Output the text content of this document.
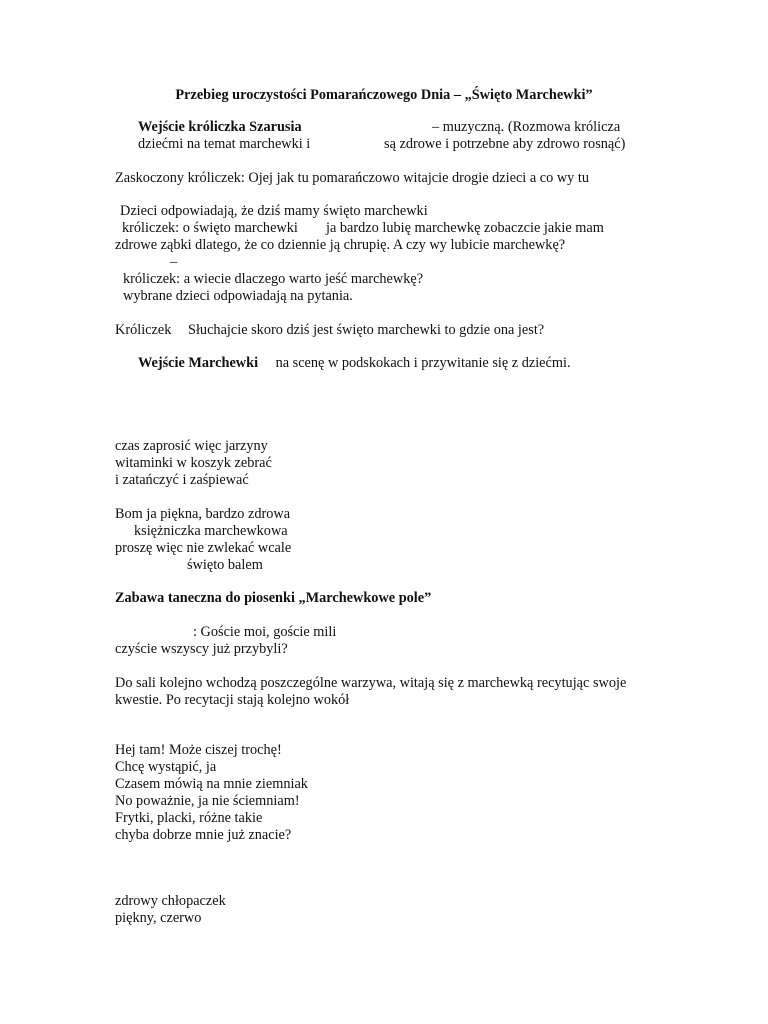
Przebieg uroczystości Pomarańczowego Dnia – „Święto Marchewki”
Wejście króliczka Szarusia	– muzyczną. (Rozmowa królicza
dziećmi na temat marchewki i	są zdrowe i potrzebne aby zdrowo rosnąć)
Zaskoczony króliczek: Ojej jak tu pomarańczowo witajcie drogie dzieci a co wy tu
Dzieci odpowiadają, że dziś mamy święto marchewki
króliczek: o święto marchewki ja bardzo lubię marchewkę zobaczcie jakie mam
zdrowe ząbki dlatego, że co dziennie ją chrupię. A czy wy lubicie marchewkę?
–
króliczek: a wiecie dlaczego warto jeść marchewkę?
wybrane dzieci odpowiadają na pytania.
Króliczek Słuchajcie skoro dziś jest święto marchewki to gdzie ona jest?
Wejście Marchewki na scenę w podskokach i przywitanie się z dziećmi.
czas zaprosić więc jarzyny
witaminki w koszyk zebrać
i zatańczyć i zaśpiewać
Bom ja piękna, bardzo zdrowa
księżniczka marchewkowa
proszę więc nie zwlekać wcale
święto balem
Zabawa taneczna do piosenki „Marchewkowe pole”
: Goście moi, goście mili
czyście wszyscy już przybyli?
Do sali kolejno wchodzą poszczególne warzywa, witają się z marchewką recytując swoje
kwestie. Po recytacji stają kolejno wokół
Hej tam! Może ciszej trochę!
Chcę wystąpić, ja
Czasem mówią na mnie ziemniak
No poważnie, ja nie ściemniam!
Frytki, placki, różne takie
chyba dobrze mnie już znacie?
zdrowy chłopaczek
piękny, czerwo
